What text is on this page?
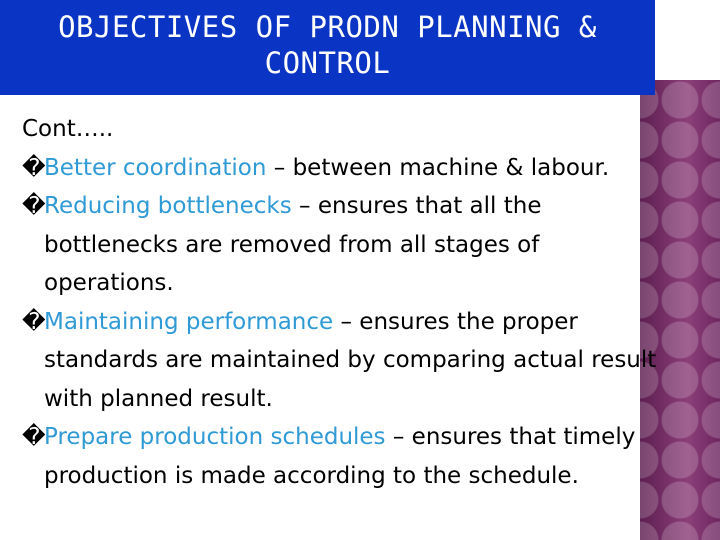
OBJECTIVES OF PRODN PLANNING &
CONTROL
Cont…..
�Better coordination – between machine & labour.
�Reducing bottlenecks – ensures that all the
bottlenecks are removed from all stages of
operations.
�Maintaining performance – ensures the proper
standards are maintained by comparing actual result
with planned result.
�Prepare production schedules – ensures that timely
production is made according to the schedule.
